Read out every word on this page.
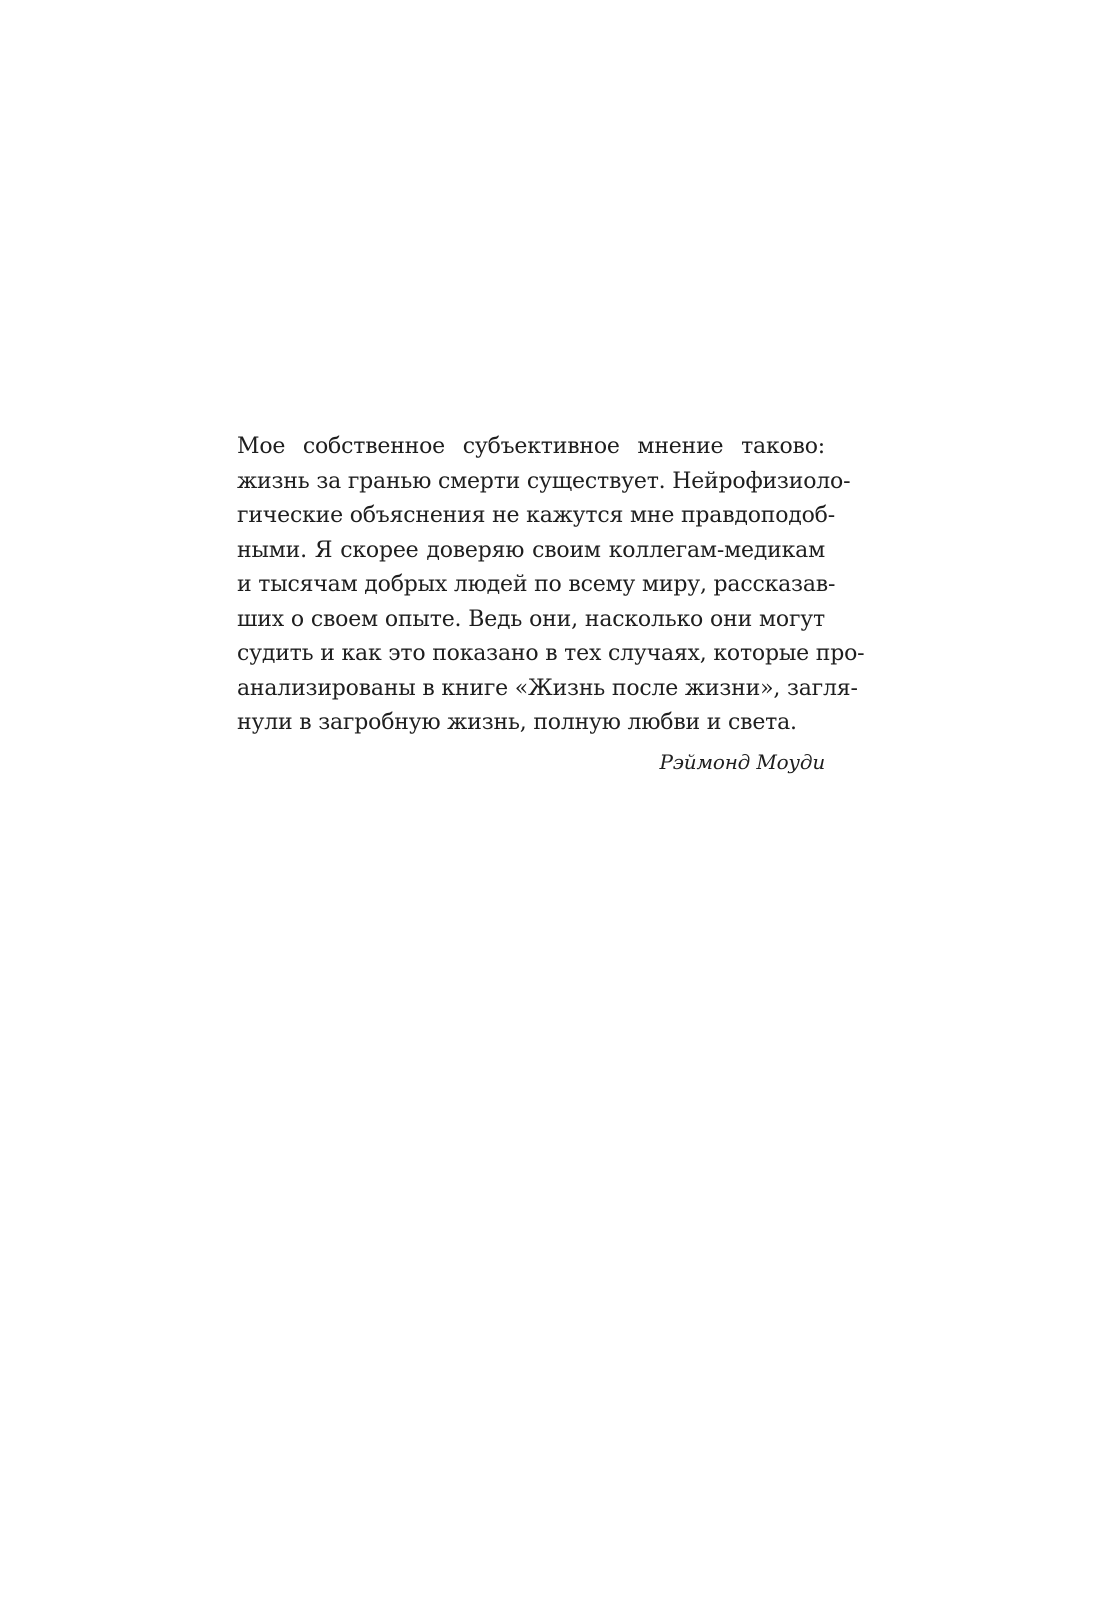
Мое собственное субъективное мнение таково:
жизнь за гранью смерти существует. Нейрофизиоло-
гические объяснения не кажутся мне правдоподоб-
ными. Я скорее доверяю своим коллегам-медикам
и тысячам добрых людей по всему миру, рассказав-
ших о своем опыте. Ведь они, насколько они могут
судить и как это показано в тех случаях, которые про-
анализированы в книге «Жизнь после жизни», загля-
нули в загробную жизнь, полную любви и света.
Рэймонд Моуди
